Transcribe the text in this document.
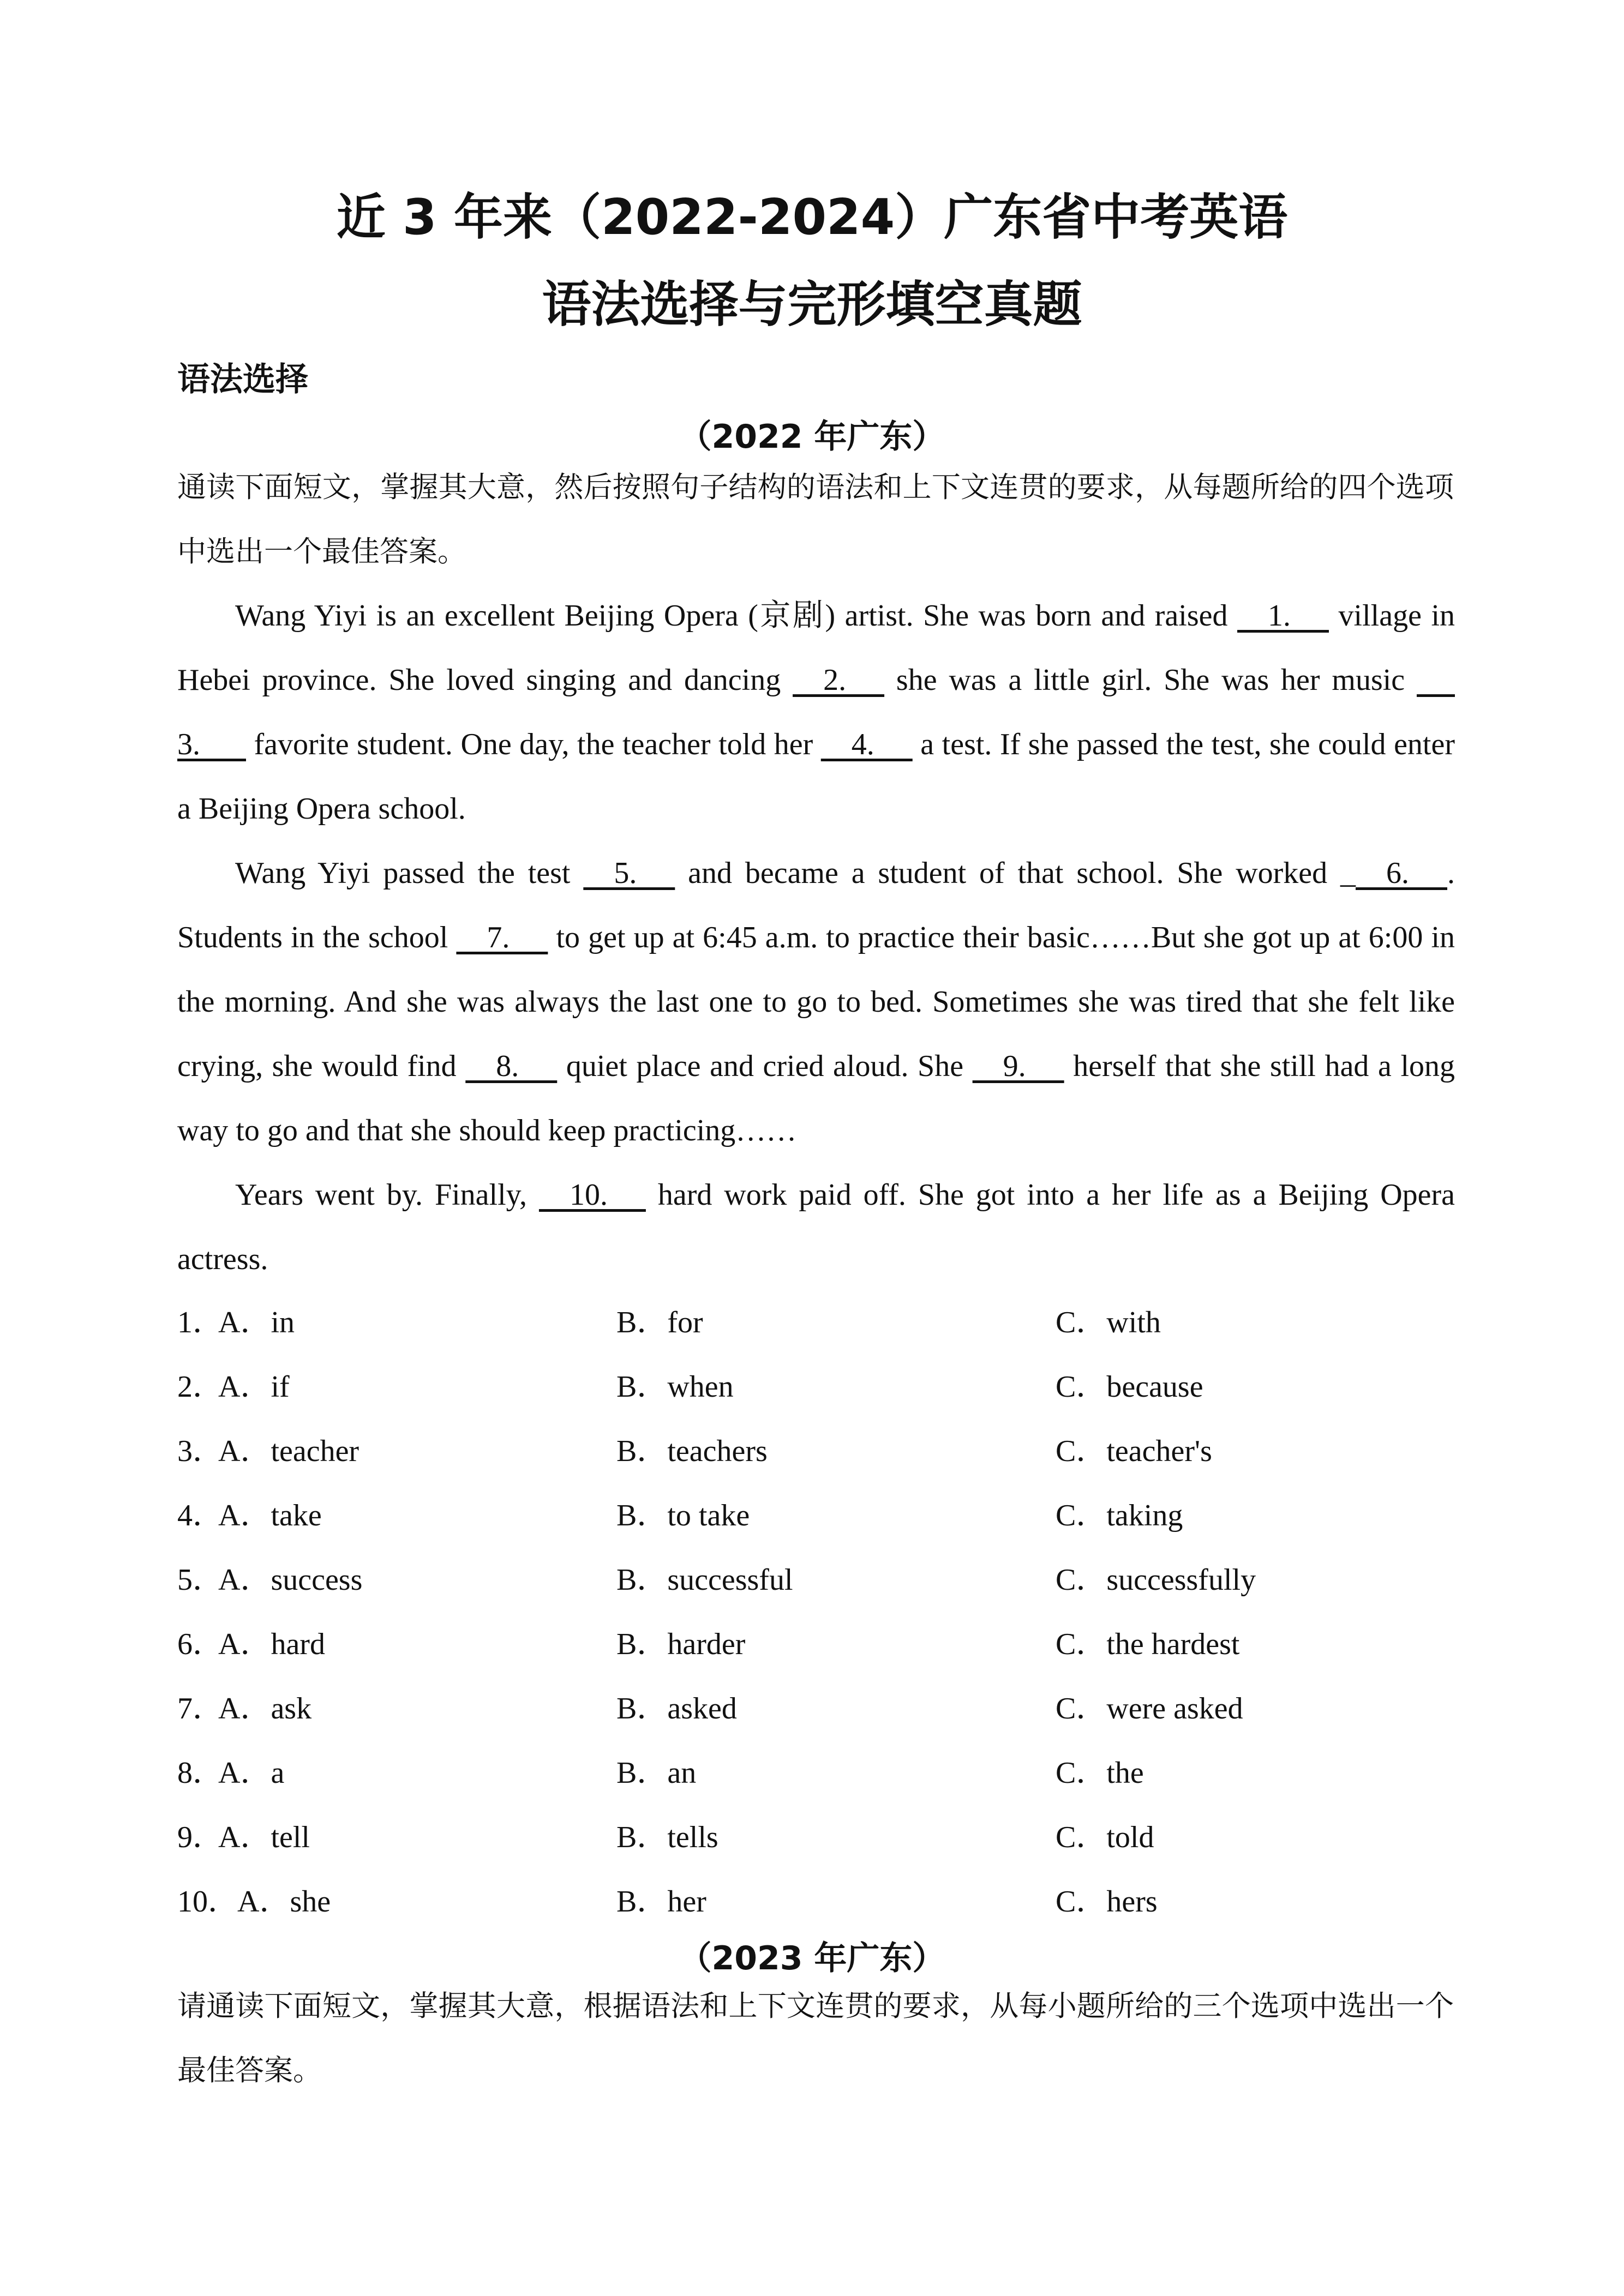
近 3 年来（2022-2024）广东省中考英语
语法选择与完形填空真题
语法选择
（2022 年广东）
通读下面短文，掌握其大意，然后按照句子结构的语法和上下文连贯的要求，从每题所给的四个选项中选出一个最佳答案。
Wang Yiyi is an excellent Beijing Opera (京剧) artist. She was born and raised     1.      village in Hebei province. She loved singing and dancing     2.      she was a little girl. She was her music       3.       favorite student. One day, the teacher told her     4.      a test. If she passed the test, she could enter a Beijing Opera school.
Wang Yiyi passed the test     5.      and became a student of that school. She worked _    6.     . Students in the school     7.      to get up at 6:45 a.m. to practice their basic……But she got up at 6:00 in the morning. And she was always the last one to go to bed. Sometimes she was tired that she felt like crying, she would find     8.      quiet place and cried aloud. She     9.      herself that she still had a long way to go and that she should keep practicing……
Years went by. Finally,     10.      hard work paid off. She got into a her life as a Beijing Opera actress.
1．
A．in	B．for	C．with
2．
A．if	B．when	C．because
3．
A．teacher	B．teachers	C．teacher's
4．
A．take	B．to take	C．taking
5．
A．success	B．successful	C．successfully
6．
A．hard	B．harder	C．the hardest
7．
A．ask	B．asked	C．were asked
8．
A．a	B．an	C．the
9．
A．tell	B．tells	C．told
10．
A．she	B．her	C．hers
（2023 年广东）
请通读下面短文，掌握其大意，根据语法和上下文连贯的要求，从每小题所给的三个选项中选出一个最佳答案。
